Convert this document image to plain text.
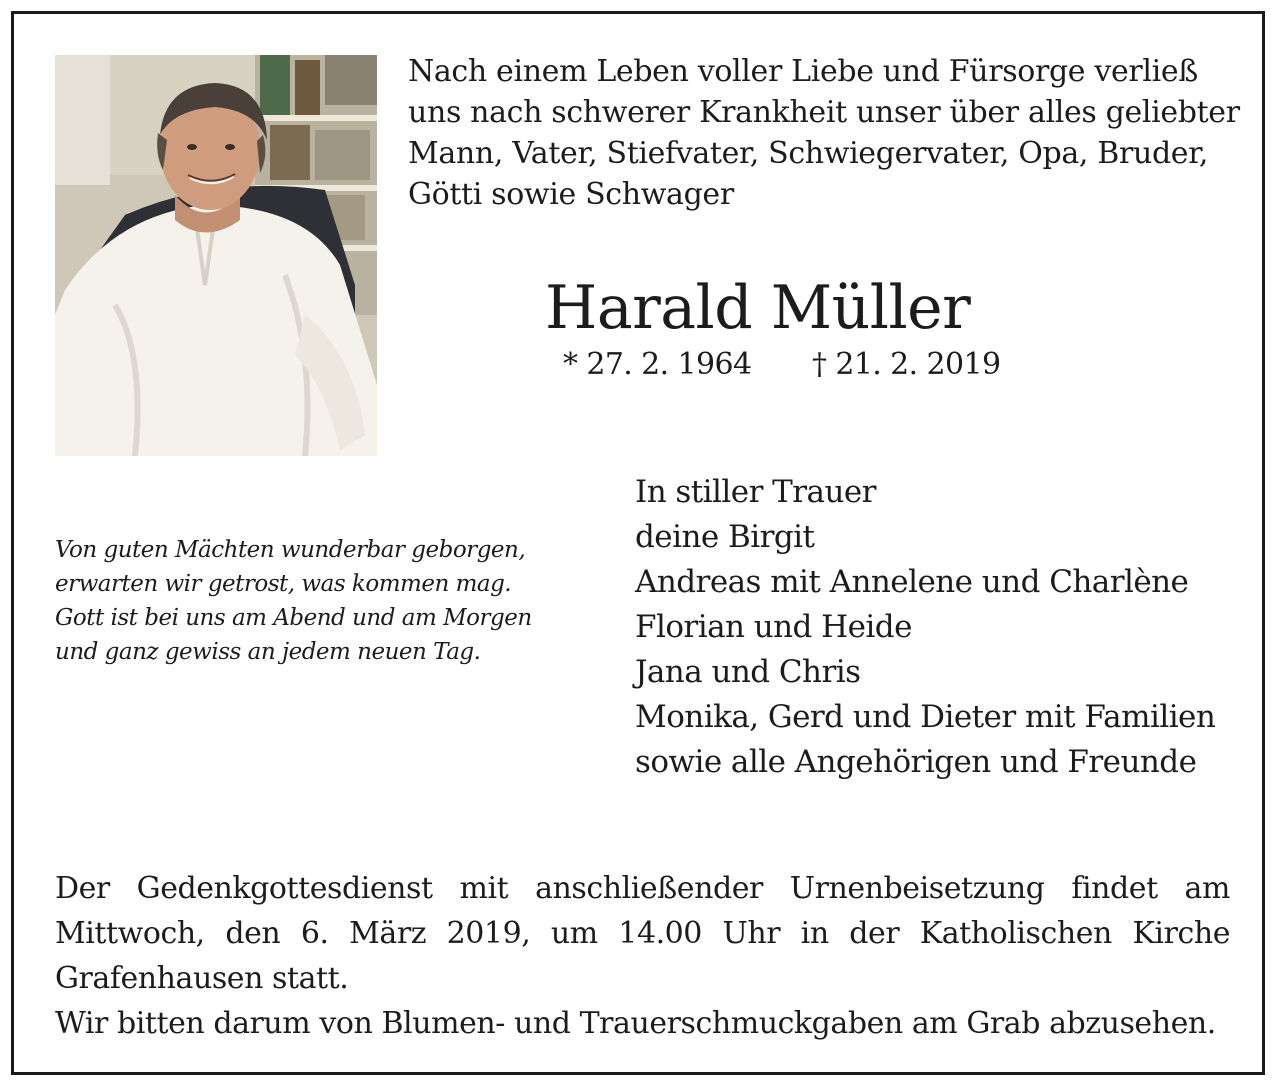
Nach einem Leben voller Liebe und Fürsorge verließ
uns nach schwerer Krankheit unser über alles geliebter
Mann, Vater, Stiefvater, Schwiegervater, Opa, Bruder,
Götti sowie Schwager

Harald Müller
* 27. 2. 1964 † 21. 2. 2019

Von guten Mächten wunderbar geborgen,
erwarten wir getrost, was kommen mag.
Gott ist bei uns am Abend und am Morgen
und ganz gewiss an jedem neuen Tag.

In stiller Trauer
deine Birgit
Andreas mit Annelene und Charlène
Florian und Heide
Jana und Chris
Monika, Gerd und Dieter mit Familien
sowie alle Angehörigen und Freunde

Der Gedenkgottesdienst mit anschließender Urnenbeisetzung findet am
Mittwoch, den 6. März 2019, um 14.00 Uhr in der Katholischen Kirche
Grafenhausen statt.
Wir bitten darum von Blumen- und Trauerschmuckgaben am Grab abzusehen.
